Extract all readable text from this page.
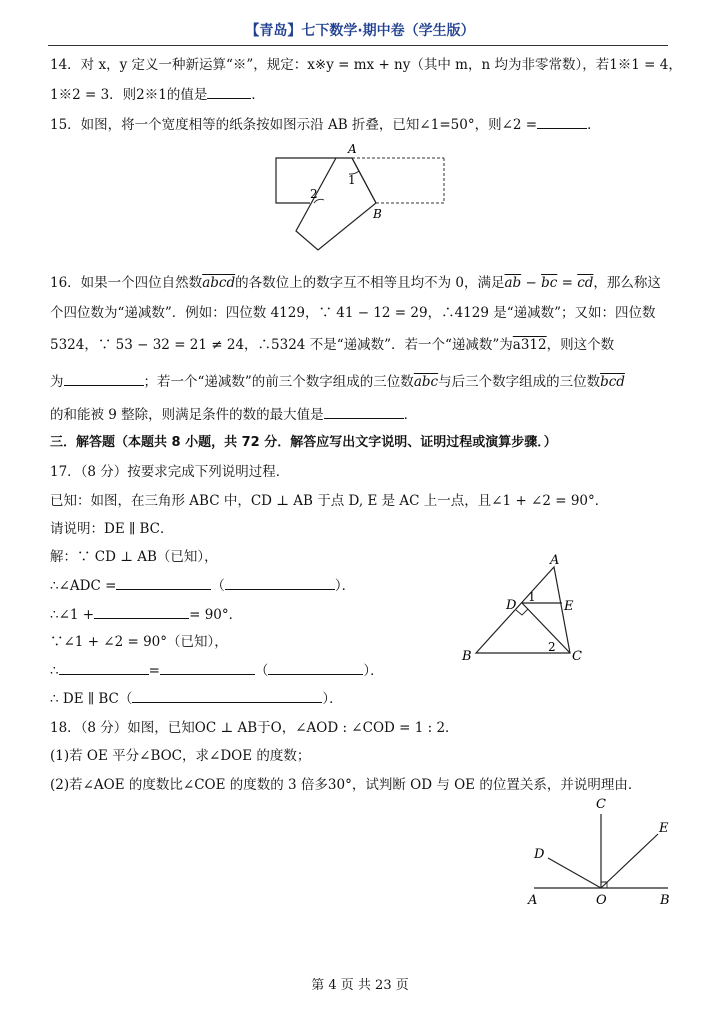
【青岛】七下数学·期中卷（学生版）
14．对 x，y 定义一种新运算“※”，规定：x※y = mx + ny（其中 m，n 均为非零常数），若1※1 = 4，
1※2 = 3．则2※1的值是	．
15．如图，将一个宽度相等的纸条按如图示沿 AB 折叠，已知∠1=50°，则∠2 =	．
A
B
1
2
16．如果一个四位自然数abcd的各数位上的数字互不相等且均不为 0，满足$\overline{ab} - \overline{bc} = \overline{cd}$，那么称这
个四位数为“递减数”．例如：四位数 4129，∵ 41 − 12 = 29，∴4129 是“递减数”；又如：四位数
5324，∵ 53 − 32 = 21 ≠ 24，∴5324 不是“递减数”．若一个“递减数”为a312，则这个数
为	；若一个“递减数”的前三个数字组成的三位数$\overline{abc}$与后三个数字组成的三位数$\overline{bcd}$
的和能被 9 整除，则满足条件的数的最大值是	．
三．解答题（本题共 8 小题，共 72 分．解答应写出文字说明、证明过程或演算步骤．）
17．（8 分）按要求完成下列说明过程．
已知：如图，在三角形 ABC 中，CD ⊥ AB 于点 D, E 是 AC 上一点，且∠1 + ∠2 = 90°．
请说明：DE ∥ BC．
解：∵ CD ⊥ AB（已知），
∴∠ADC =	（	）．
∴∠1 +	= 90°．
∵∠1 + ∠2 = 90°（已知），
∴	=	（	）．
∴ DE ∥ BC（	）．
A
B	C
D	E
1
2
18．（8 分）如图，已知OC ⊥ AB于O，∠AOD : ∠COD = 1 : 2．
(1)若 OE 平分∠BOC，求∠DOE 的度数；
(2)若∠AOE 的度数比∠COE 的度数的 3 倍多30°，试判断 OD 与 OE 的位置关系，并说明理由．
C
E
D
A	O	B
第 4 页 共 23 页
